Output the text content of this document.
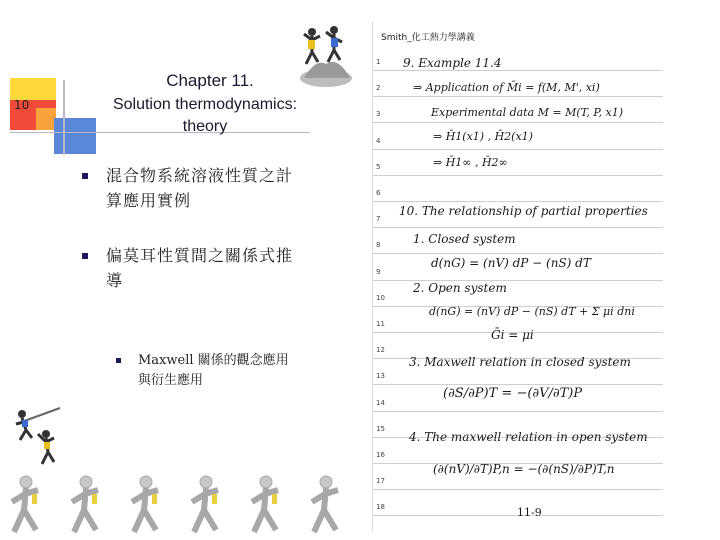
10
Chapter 11.
Solution thermodynamics:
theory
混合物系統溶液性質之計
算應用實例
偏莫耳性質間之關係式推
導
Maxwell 關係的觀念應用
與衍生應用
Smith_化工熱力學講義
1
2
3
4
5
6
7
8
9
10
11
12
13
14
15
16
17
18
9. Example 11.4
⇒ Application of M̄i = f(M, M', xi)
Experimental data M = M(T, P, x1)
⇒ H̄1(x1) , H̄2(x1)
⇒ H̄1∞ , H̄2∞
10. The relationship of partial properties
1. Closed system
d(nG) = (nV) dP − (nS) dT
2. Open system
d(nG) = (nV) dP − (nS) dT + Σ μi dni
Ḡi = μi
3. Maxwell relation in closed system
(∂S/∂P)T = −(∂V/∂T)P
4. The maxwell relation in open system
(∂(nV)/∂T)P,n = −(∂(nS)/∂P)T,n
11-9
